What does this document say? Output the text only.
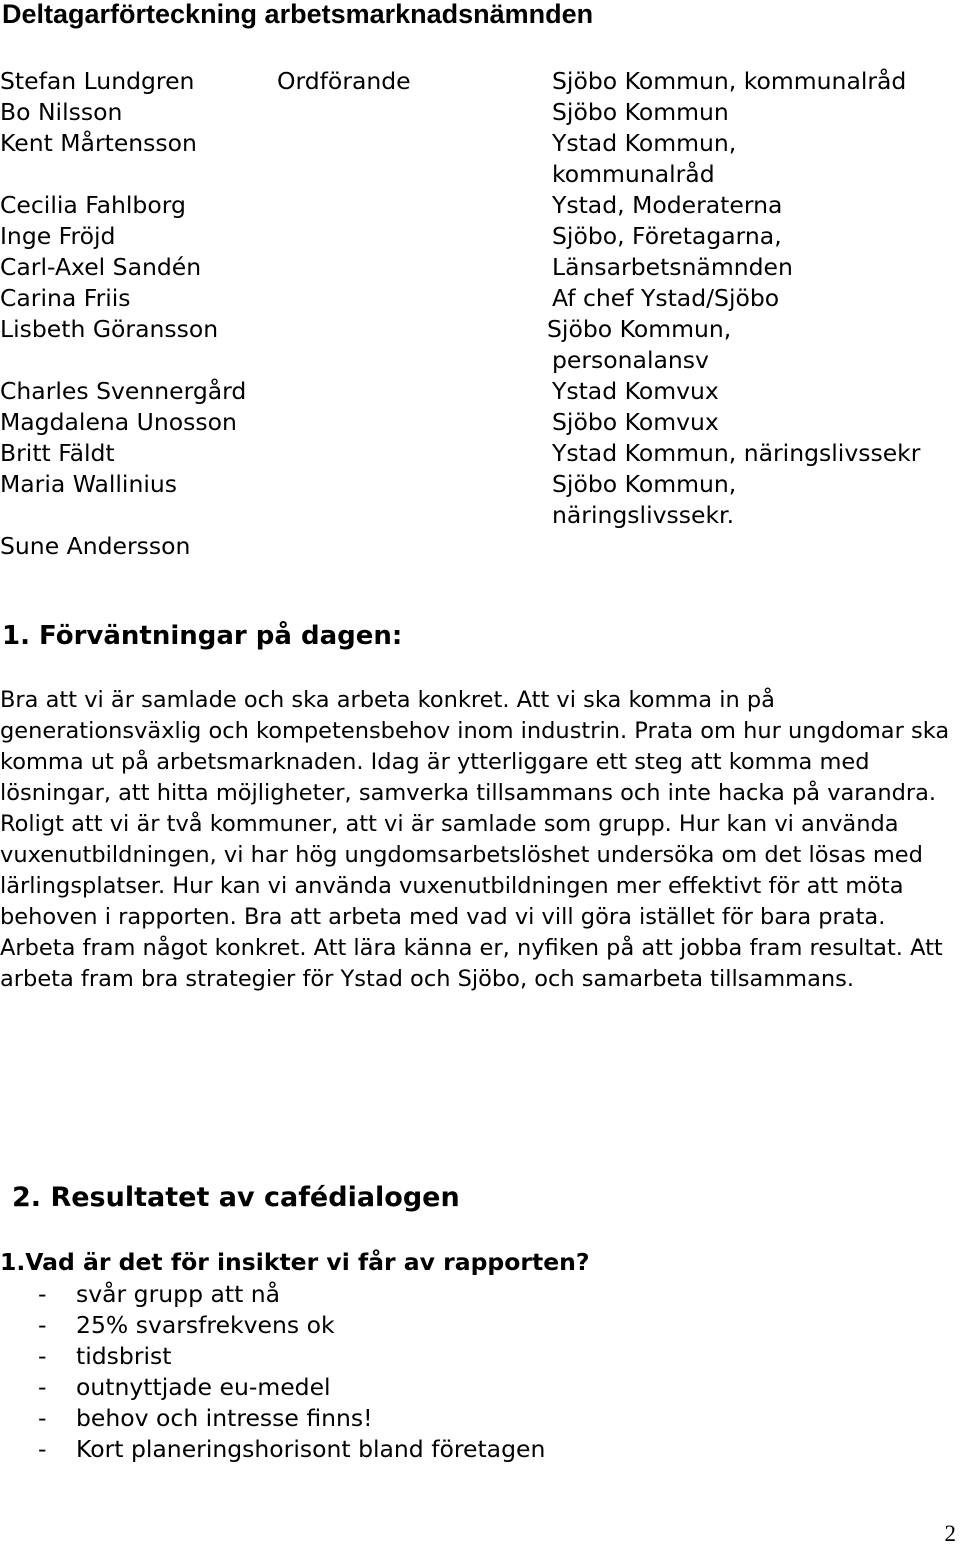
Deltagarförteckning arbetsmarknadsnämnden
Stefan Lundgren	Ordförande	Sjöbo Kommun, kommunalråd
Bo Nilsson	Sjöbo Kommun
Kent Mårtensson	Ystad Kommun,
kommunalråd
Cecilia Fahlborg	Ystad, Moderaterna
Inge Fröjd	Sjöbo, Företagarna,
Carl-Axel Sandén	Länsarbetsnämnden
Carina Friis	Af chef Ystad/Sjöbo
Lisbeth Göransson	Sjöbo Kommun,
personalansv
Charles Svennergård	Ystad Komvux
Magdalena Unosson	Sjöbo Komvux
Britt Fäldt	Ystad Kommun, näringslivssekr
Maria Wallinius	Sjöbo Kommun,
näringslivssekr.
Sune Andersson
1. Förväntningar på dagen:

Bra att vi är samlade och ska arbeta konkret. Att vi ska komma in på generationsväxlig och kompetensbehov inom industrin. Prata om hur ungdomar ska komma ut på arbetsmarknaden. Idag är ytterliggare ett steg att komma med lösningar, att hitta möjligheter, samverka tillsammans och inte hacka på varandra. Roligt att vi är två kommuner, att vi är samlade som grupp. Hur kan vi använda vuxenutbildningen, vi har hög ungdomsarbetslöshet undersöka om det lösas med lärlingsplatser. Hur kan vi använda vuxenutbildningen mer effektivt för att möta behoven i rapporten. Bra att arbeta med vad vi vill göra istället för bara prata. Arbeta fram något konkret. Att lära känna er, nyfiken på att jobba fram resultat. Att arbeta fram bra strategier för Ystad och Sjöbo, och samarbeta tillsammans.

2. Resultatet av cafédialogen
1.Vad är det för insikter vi får av rapporten?
- svår grupp att nå
- 25% svarsfrekvens ok
- tidsbrist
- outnyttjade eu-medel
- behov och intresse finns!
- Kort planeringshorisont bland företagen
2
